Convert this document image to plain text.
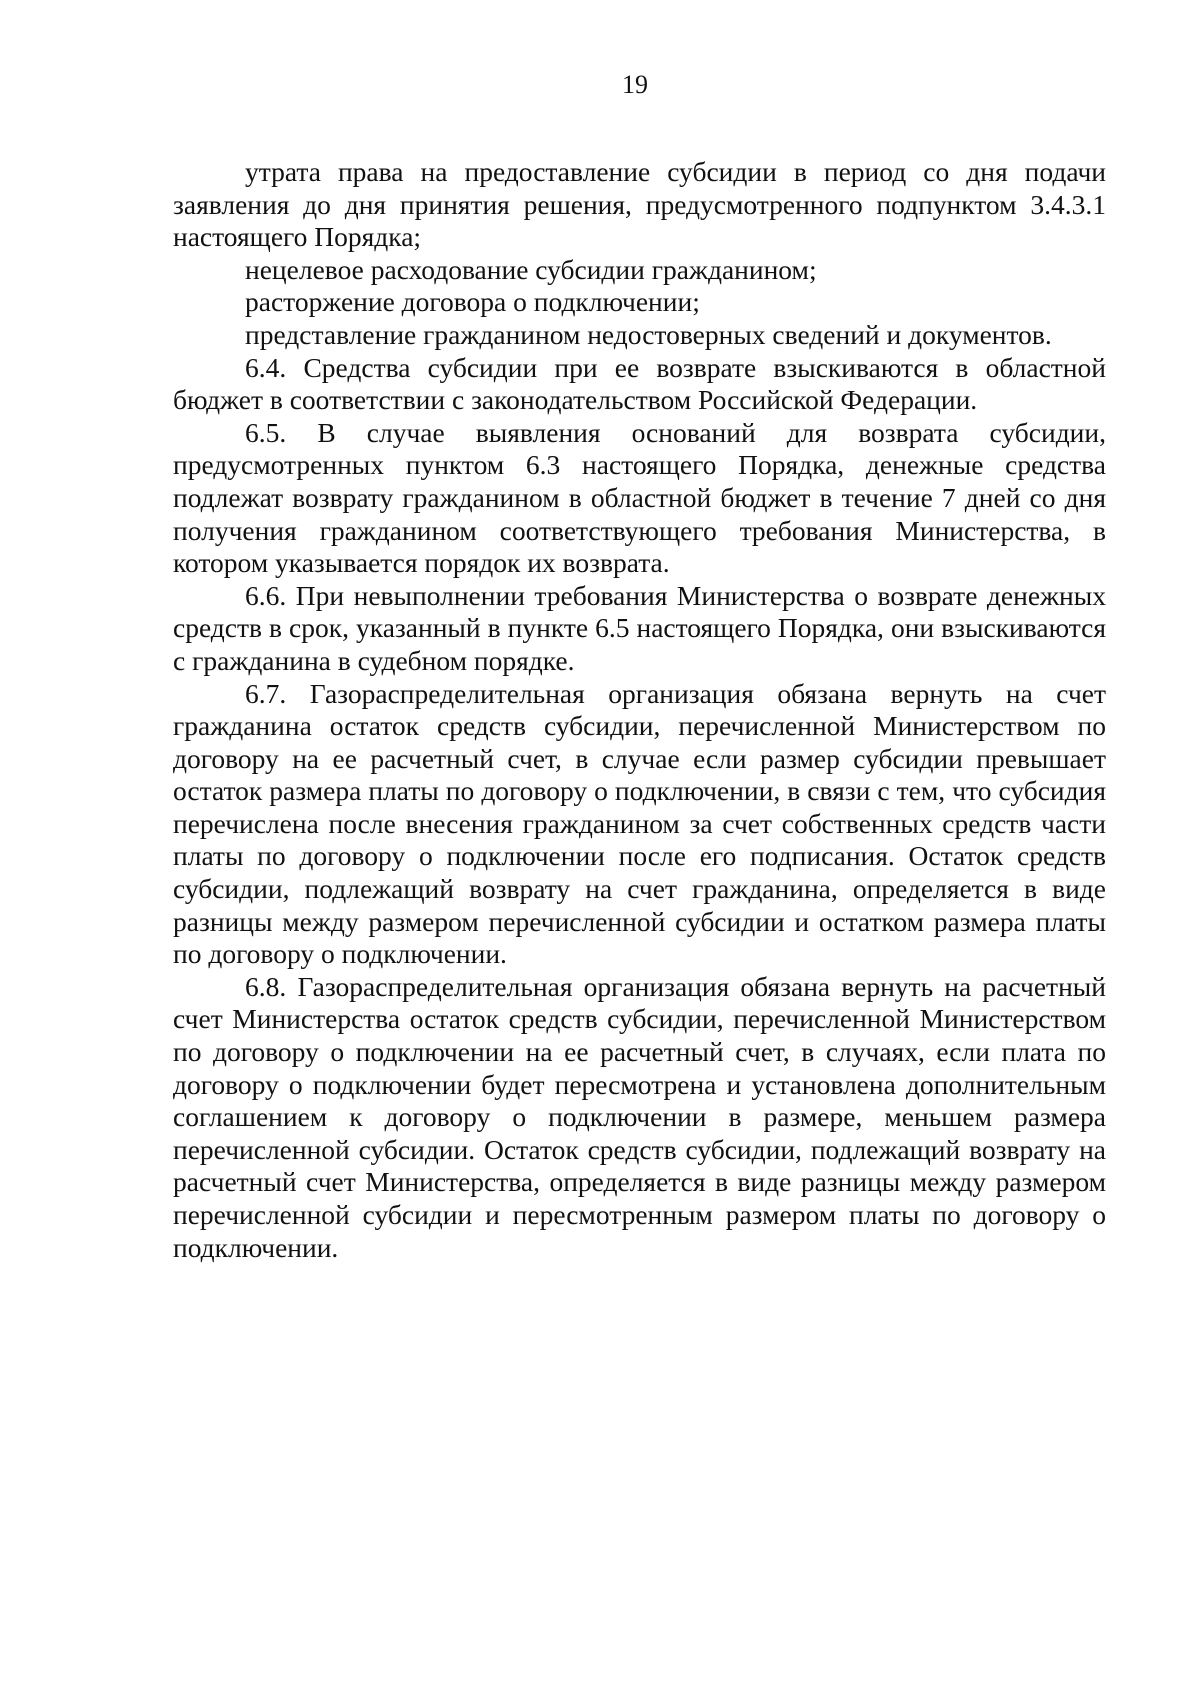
19

утрата права на предоставление субсидии в период со дня подачи заявления до дня принятия решения, предусмотренного подпунктом 3.4.3.1 настоящего Порядка;

нецелевое расходование субсидии гражданином;

расторжение договора о подключении;

представление гражданином недостоверных сведений и документов.

6.4. Средства субсидии при ее возврате взыскиваются в областной бюджет в соответствии с законодательством Российской Федерации.

6.5. В случае выявления оснований для возврата субсидии, предусмотренных пунктом 6.3 настоящего Порядка, денежные средства подлежат возврату гражданином в областной бюджет в течение 7 дней со дня получения гражданином соответствующего требования Министерства, в котором указывается порядок их возврата.

6.6. При невыполнении требования Министерства о возврате денежных средств в срок, указанный в пункте 6.5 настоящего Порядка, они взыскиваются с гражданина в судебном порядке.

6.7. Газораспределительная организация обязана вернуть на счет гражданина остаток средств субсидии, перечисленной Министерством по договору на ее расчетный счет, в случае если размер субсидии превышает остаток размера платы по договору о подключении, в связи с тем, что субсидия перечислена после внесения гражданином за счет собственных средств части платы по договору о подключении после его подписания. Остаток средств субсидии, подлежащий возврату на счет гражданина, определяется в виде разницы между размером перечисленной субсидии и остатком размера платы по договору о подключении.

6.8. Газораспределительная организация обязана вернуть на расчетный счет Министерства остаток средств субсидии, перечисленной Министерством по договору о подключении на ее расчетный счет, в случаях, если плата по договору о подключении будет пересмотрена и установлена дополнительным соглашением к договору о подключении в размере, меньшем размера перечисленной субсидии. Остаток средств субсидии, подлежащий возврату на расчетный счет Министерства, определяется в виде разницы между размером перечисленной субсидии и пересмотренным размером платы по договору о подключении.
